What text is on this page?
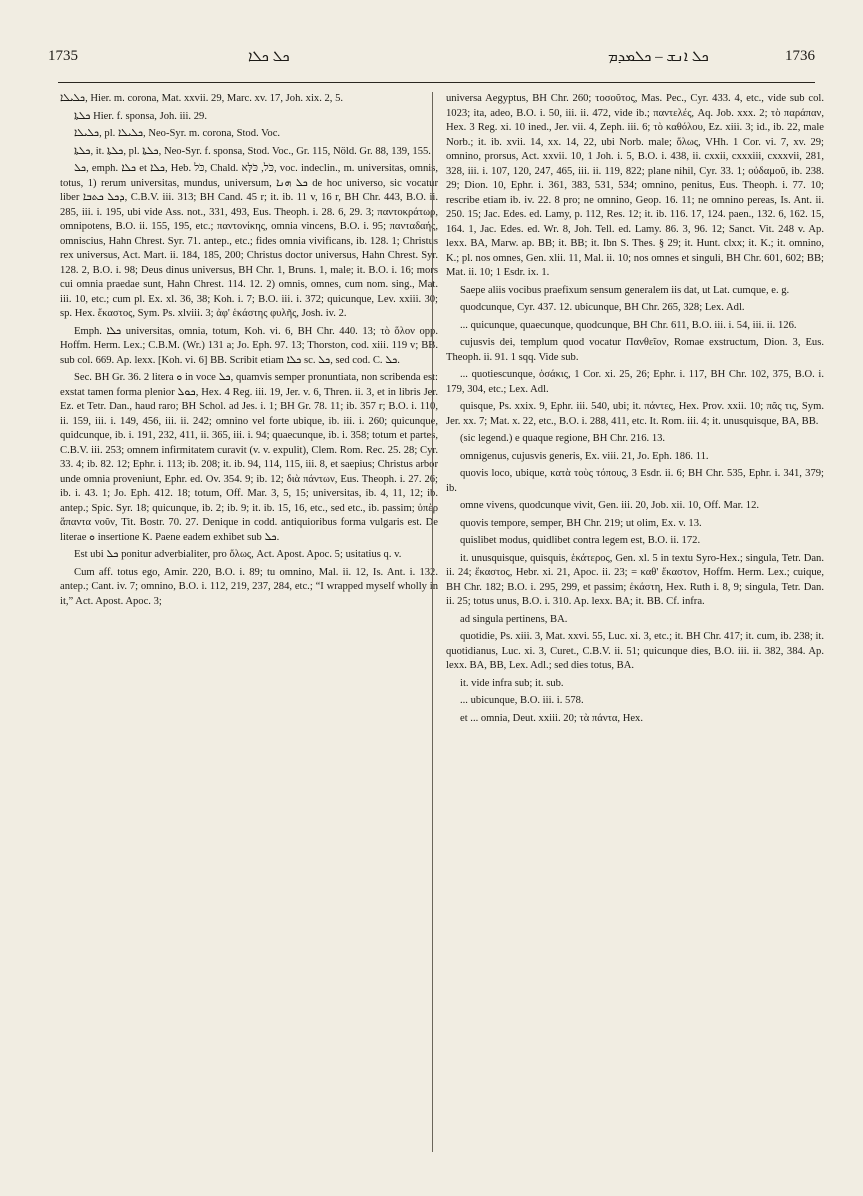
1735	ܟܠ ܟܠܐ	ܟܠ ܐܢܫ – ܟܠܡܕܡ	1736

ܟܠܝܠܐ, Hier. m. corona, Mat. xxvii. 29, Marc. xv. 17, Joh. xix. 2, 5.

ܟܠܬܐ Hier. f. sponsa, Joh. iii. 29.

ܟܠܝܠܐ, pl. ܟܠܝܠܐ, Neo-Syr. m. corona, Stod. Voc.

ܟܠܬܐ, it. ܟܠܬܐ, pl. ܟܠܬܐ, Neo-Syr. f. sponsa, Stod. Voc., Gr. 115, Nöld. Gr. 88, 139, 155.

ܟܠ, emph. ܟܠܐ et ܟܠܐ, Heb. כֹּל, Chald. כֹּל, כֹּלָּא, voc. indeclin., m. universitas, omnis, totus, 1) rerum universitas, mundus, universum, ܟܠ ܗܢܐ de hoc universo, sic vocatur liber ܕܟܠ ܟܬܒܐ, C.B.V. iii. 313; BH Cand. 45 r; it. ib. 11 v, 16 r, BH Chr. 443, B.O. ii. 285, iii. i. 195, ubi vide Ass. not., 331, 493, Eus. Theoph. i. 28. 6, 29. 3; παντοκράτωρ, omnipotens, B.O. ii. 155, 195, etc.; παντονίκης, omnia vincens, B.O. i. 95; πανταδαής, omniscius, Hahn Chrest. Syr. 71. antep., etc.; fides omnia vivificans, ib. 128. 1; Christus rex universus, Act. Mart. ii. 184, 185, 200; Christus doctor universus, Hahn Chrest. Syr. 128. 2, B.O. i. 98; Deus dinus universus, BH Chr. 1, Bruns. 1, male; it. B.O. i. 16; mors cui omnia praedae sunt, Hahn Chrest. 114. 12. 2) omnis, omnes, cum nom. sing., Mat. iii. 10, etc.; cum pl. Ex. xl. 36, 38; Koh. i. 7; B.O. iii. i. 372; quicunque, Lev. xxiii. 30; sp. Hex. ἕκαστος, Sym. Ps. xlviii. 3; ἀφ' ἑκάστης φυλῆς, Josh. iv. 2.

Emph. ܟܠܐ universitas, omnia, totum, Koh. vi. 6, BH Chr. 440. 13; τὸ ὅλον opp. Hoffm. Herm. Lex.; C.B.M. (Wr.) 131 a; Jo. Eph. 97. 13; Thorston, cod. xiii. 119 v; BB. sub col. 669. Ap. lexx. [Koh. vi. 6] BB. Scribit etiam ܟܠܐ sc. ܟܠ, sed cod. C. ܟܠ.

Sec. BH Gr. 36. 2 litera ܘ in voce ܟܠ, quamvis semper pronuntiata, non scribenda est: exstat tamen forma plenior ܟܘܠ, Hex. 4 Reg. iii. 19, Jer. v. 6, Thren. ii. 3, et in libris Jer. Ez. et Tetr. Dan., haud raro; BH Schol. ad Jes. i. 1; BH Gr. 78. 11; ib. 357 r; B.O. i. 110, ii. 159, iii. i. 149, 456, iii. ii. 242; omnino vel forte ubique, ib. iii. i. 260; quicunque, quidcunque, ib. i. 191, 232, 411, ii. 365, iii. i. 94; quaecunque, ib. i. 358; totum et partes, C.B.V. iii. 253; omnem infirmitatem curavit (v. v. expulit), Clem. Rom. Rec. 25. 28; Cyr. 33. 4; ib. 82. 12; Ephr. i. 113; ib. 208; it. ib. 94, 114, 115, iii. 8, et saepius; Christus arbor unde omnia proveniunt, Ephr. ed. Ov. 354. 9; ib. 12; διὰ πάντων, Eus. Theoph. i. 27. 26; ib. i. 43. 1; Jo. Eph. 412. 18; totum, Off. Mar. 3, 5, 15; universitas, ib. 4, 11, 12; ib. antep.; Spic. Syr. 18; quicunque, ib. 2; ib. 9; it. ib. 15, 16, etc., sed etc., ib. passim; ὑπὲρ ἅπαντα νοῦν, Tit. Bostr. 70. 27. Denique in codd. antiquioribus forma vulgaris est. De literae ܘ insertione K. Paene eadem exhibet sub ܟܠ.

Est ubi ܟܠ ponitur adverbialiter, pro ὅλως, Act. Apost. Apoc. 5; usitatius q. v.

Cum aff. totus ego, Amir. 220, B.O. i. 89; tu omnino, Mal. ii. 12, Is. Ant. i. 132. antep.; Cant. iv. 7; omnino, B.O. i. 112, 219, 237, 284, etc.; “I wrapped myself wholly in it,” Act. Apost. Apoc. 3;

universa Aegyptus, BH Chr. 260; τοσοῦτος, Mas. Pec., Cyr. 433. 4, etc., vide sub col. 1023; ita, adeo, B.O. i. 50, iii. ii. 472, vide ib.; παντελές, Aq. Job. xxx. 2; τὸ παράπαν, Hex. 3 Reg. xi. 10 ined., Jer. vii. 4, Zeph. iii. 6; τὸ καθόλου, Ez. xiii. 3; id., ib. 22, male Norb.; it. ib. xvii. 14, xx. 14, 22, ubi Norb. male; ὅλως, VHh. 1 Cor. vi. 7, xv. 29; omnino, prorsus, Act. xxvii. 10, 1 Joh. i. 5, B.O. i. 438, ii. cxxii, cxxxiii, cxxxvii, 281, 328, iii. i. 107, 120, 247, 465, iii. ii. 119, 822; plane nihil, Cyr. 33. 1; οὐδαμοῦ, ib. 238. 29; Dion. 10, Ephr. i. 361, 383, 531, 534; omnino, penitus, Eus. Theoph. i. 77. 10; rescribe etiam ib. iv. 22. 8 pro; ne omnino, Geop. 16. 11; ne omnino pereas, Is. Ant. ii. 250. 15; Jac. Edes. ed. Lamy, p. 112, Res. 12; it. ib. 116. 17, 124. paen., 132. 6, 162. 15, 164. 1, Jac. Edes. ed. Wr. 8, Joh. Tell. ed. Lamy. 86. 3, 96. 12; Sanct. Vit. 248 v. Ap. lexx. BA, Marw. ap. BB; it. BB; it. Ibn S. Thes. § 29; it. Hunt. clxx; it. K.; it. omnino, K.; pl. nos omnes, Gen. xlii. 11, Mal. ii. 10; nos omnes et singuli, BH Chr. 601, 602; BB; Mat. ii. 10; 1 Esdr. ix. 1.

Saepe aliis vocibus praefixum sensum generalem iis dat, ut Lat. cumque, e. g.

quodcunque, Cyr. 437. 12. ubicunque, BH Chr. 265, 328; Lex. Adl.

... quicunque, quaecunque, quodcunque, BH Chr. 611, B.O. iii. i. 54, iii. ii. 126.

cujusvis dei, templum quod vocatur Πανθεῖον, Romae exstructum, Dion. 3, Eus. Theoph. ii. 91. 1 sqq. Vide sub.

... quotiescunque, ὁσάκις, 1 Cor. xi. 25, 26; Ephr. i. 117, BH Chr. 102, 375, B.O. i. 179, 304, etc.; Lex. Adl.

quisque, Ps. xxix. 9, Ephr. iii. 540, ubi; it. πάντες, Hex. Prov. xxii. 10; πᾶς τις, Sym. Jer. xx. 7; Mat. x. 22, etc., B.O. i. 288, 411, etc. It. Rom. iii. 4; it. unusquisque, BA, BB.

(sic legend.) e quaque regione, BH Chr. 216. 13.

omnigenus, cujusvis generis, Ex. viii. 21, Jo. Eph. 186. 11.

quovis loco, ubique, κατὰ τοὺς τόπους, 3 Esdr. ii. 6; BH Chr. 535, Ephr. i. 341, 379; ib.

omne vivens, quodcunque vivit, Gen. iii. 20, Job. xii. 10, Off. Mar. 12.

quovis tempore, semper, BH Chr. 219; ut olim, Ex. v. 13.

quislibet modus, quidlibet contra legem est, B.O. ii. 172.

it. unusquisque, quisquis, ἑκάτερος, Gen. xl. 5 in textu Syro-Hex.; singula, Tetr. Dan. ii. 24; ἕκαστος, Hebr. xi. 21, Apoc. ii. 23; = καθ' ἕκαστον, Hoffm. Herm. Lex.; cuique, BH Chr. 182; B.O. i. 295, 299, et passim; ἑκάστη, Hex. Ruth i. 8, 9; singula, Tetr. Dan. ii. 25; totus unus, B.O. i. 310. Ap. lexx. BA; it. BB. Cf. infra.

ad singula pertinens, BA.

quotidie, Ps. xiii. 3, Mat. xxvi. 55, Luc. xi. 3, etc.; it. BH Chr. 417; it. cum, ib. 238; it. quotidianus, Luc. xi. 3, Curet., C.B.V. ii. 51; quicunque dies, B.O. iii. ii. 382, 384. Ap. lexx. BA, BB, Lex. Adl.; sed dies totus, BA.

it. vide infra sub; it. sub.

... ubicunque, B.O. iii. i. 578.

et ... omnia, Deut. xxiii. 20; τὰ πάντα, Hex.
